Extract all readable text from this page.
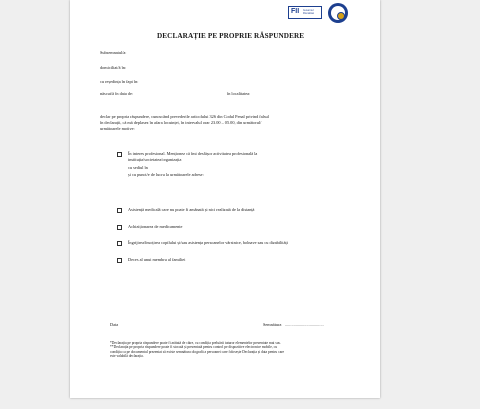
FII Guvernul României
DECLARAȚIE PE PROPRIE RĂSPUNDERE
Subsemnatul/a:
domiciliat/ă în:
cu reședința în fapt în:
născut/ă în data de:	în localitatea:
declar pe propria răspundere, cunoscând prevederile articolului 326 din Codul Penal privind falsul
în declarații, că mă deplasez în afara locuinței, în intervalul orar 23.00 – 05.00, din următorul/
următoarele motive:
În interes profesional. Menționez că îmi desfășor activitatea profesională la
instituția/societatea/organizația
cu sediul în
și cu punct/e de lucru la următoarele adrese:
Asistență medicală care nu poate fi amânată și nici realizată de la distanță
Achiziționarea de medicamente
Îngrijirea/însoțirea copilului și/sau asistența persoanelor vârstnice, bolnave sau cu dizabilități
Deces al unui membru al familiei
Data	Semnătura ....................................
*Declarația pe propria răspundere poate fi arătată de către, cu condiția preluării tuturor elementelor prezentate mai sus.
**Declarația pe propria răspundere poate fi stocată și prezentată pentru control pe dispozitive electronice mobile, cu
condiția ca pe documentul prezentat să existe semnătura olografă a persoanei care folosește Declarația și data pentru care
este valabilă declarația.
